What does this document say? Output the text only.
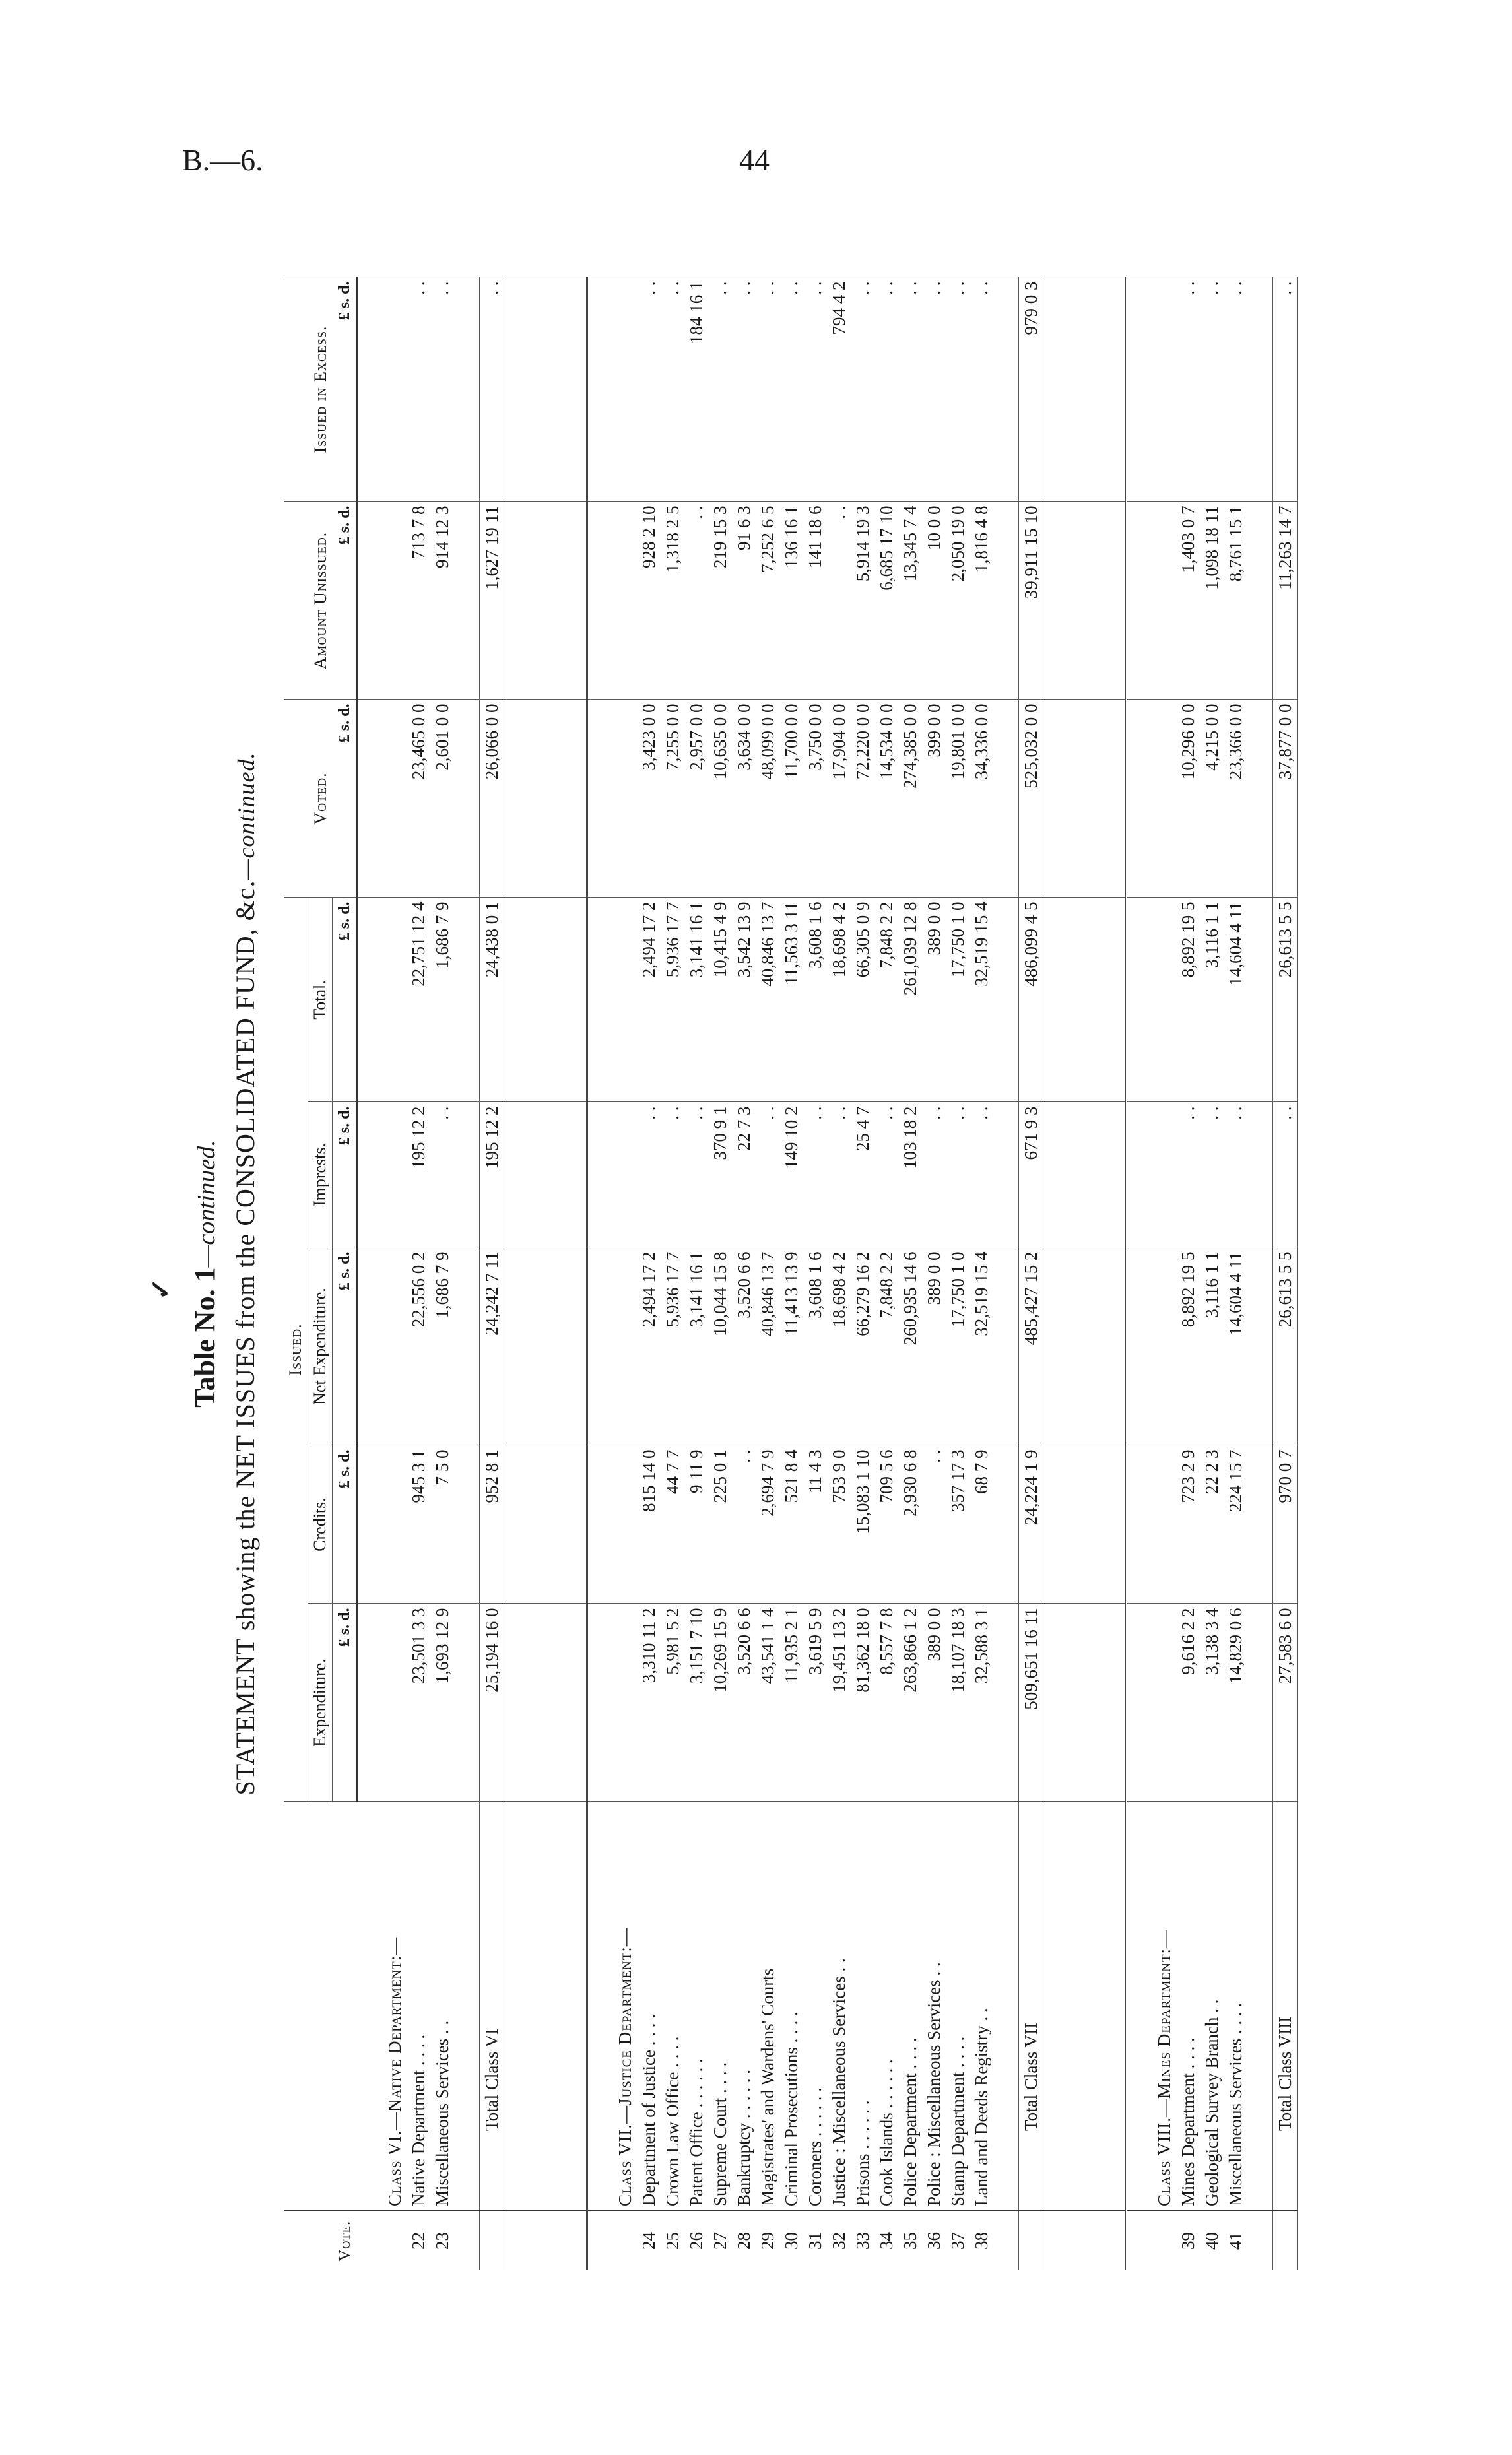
B.—6.	44
✓ Table No. 1—continued. STATEMENT showing the NET ISSUES from the CONSOLIDATED FUND, &c.—continued.
Vote.		Issued.					Voted.	Amount Unissued.	Issued in Excess.
		Expenditure.	Credits.	Net Expenditure.	Imprests.	Total.			
		£ s. d.	£ s. d.	£ s. d.	£ s. d.	£ s. d.	£ s. d.	£ s. d.	£ s. d.

	Class VI.—Native Department:—								
22	Native Department . . . .	23,501 3 3	945 3 1	22,556 0 2	195 12 2	22,751 12 4	23,465 0 0	713 7 8	. .
23	Miscellaneous Services . .	1,693 12 9	7 5 0	1,686 7 9	. .	1,686 7 9	2,601 0 0	914 12 3	. .

	Total Class VI	25,194 16 0	952 8 1	24,242 7 11	195 12 2	24,438 0 1	26,066 0 0	1,627 19 11	. .

	Class VII.—Justice Department:—								
24	Department of Justice . . . .	3,310 11 2	815 14 0	2,494 17 2	. .	2,494 17 2	3,423 0 0	928 2 10	. .
25	Crown Law Office . . . .	5,981 5 2	44 7 7	5,936 17 7	. .	5,936 17 7	7,255 0 0	1,318 2 5	. .
26	Patent Office . . . . . .	3,151 7 10	9 11 9	3,141 16 1	. .	3,141 16 1	2,957 0 0	. .	184 16 1
27	Supreme Court . . . .	10,269 15 9	225 0 1	10,044 15 8	370 9 1	10,415 4 9	10,635 0 0	219 15 3	. .
28	Bankruptcy . . . . . .	3,520 6 6	. .	3,520 6 6	22 7 3	3,542 13 9	3,634 0 0	91 6 3	. .
29	Magistrates' and Wardens' Courts	43,541 1 4	2,694 7 9	40,846 13 7	. .	40,846 13 7	48,099 0 0	7,252 6 5	. .
30	Criminal Prosecutions . . . .	11,935 2 1	521 8 4	11,413 13 9	149 10 2	11,563 3 11	11,700 0 0	136 16 1	. .
31	Coroners . . . . . .	3,619 5 9	11 4 3	3,608 1 6	. .	3,608 1 6	3,750 0 0	141 18 6	. .
32	Justice : Miscellaneous Services . .	19,451 13 2	753 9 0	18,698 4 2	. .	18,698 4 2	17,904 0 0	. .	794 4 2
33	Prisons . . . . . .	81,362 18 0	15,083 1 10	66,279 16 2	25 4 7	66,305 0 9	72,220 0 0	5,914 19 3	. .
34	Cook Islands . . . . . .	8,557 7 8	709 5 6	7,848 2 2	. .	7,848 2 2	14,534 0 0	6,685 17 10	. .
35	Police Department . . . .	263,866 1 2	2,930 6 8	260,935 14 6	103 18 2	261,039 12 8	274,385 0 0	13,345 7 4	. .
36	Police : Miscellaneous Services . .	389 0 0	. .	389 0 0	. .	389 0 0	399 0 0	10 0 0	. .
37	Stamp Department . . . .	18,107 18 3	357 17 3	17,750 1 0	. .	17,750 1 0	19,801 0 0	2,050 19 0	. .
38	Land and Deeds Registry . .	32,588 3 1	68 7 9	32,519 15 4	. .	32,519 15 4	34,336 0 0	1,816 4 8	. .

	Total Class VII	509,651 16 11	24,224 1 9	485,427 15 2	671 9 3	486,099 4 5	525,032 0 0	39,911 15 10	979 0 3

	Class VIII.—Mines Department:—								
39	Mines Department . . . .	9,616 2 2	723 2 9	8,892 19 5	. .	8,892 19 5	10,296 0 0	1,403 0 7	. .
40	Geological Survey Branch . .	3,138 3 4	22 2 3	3,116 1 1	. .	3,116 1 1	4,215 0 0	1,098 18 11	. .
41	Miscellaneous Services . . . .	14,829 0 6	224 15 7	14,604 4 11	. .	14,604 4 11	23,366 0 0	8,761 15 1	. .

	Total Class VIII	27,583 6 0	970 0 7	26,613 5 5	. .	26,613 5 5	37,877 0 0	11,263 14 7	. .
